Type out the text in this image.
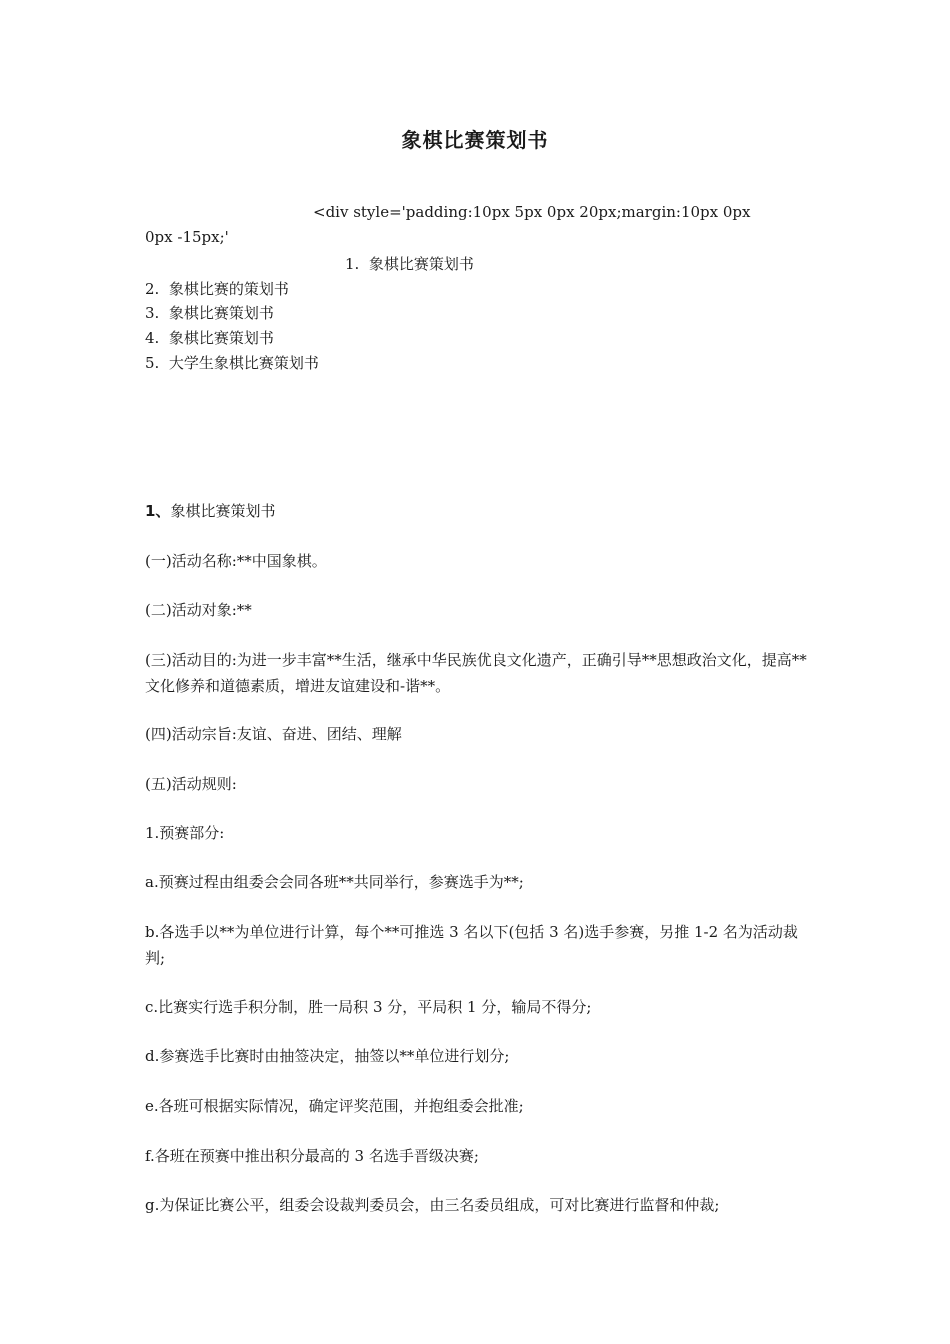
象棋比赛策划书
<div style='padding:10px 5px 0px 20px;margin:10px 0px
0px -15px;'
1.  象棋比赛策划书
2.  象棋比赛的策划书
3.  象棋比赛策划书
4.  象棋比赛策划书
5.  大学生象棋比赛策划书
1、象棋比赛策划书
(一)活动名称:**中国象棋。
(二)活动对象:**
(三)活动目的:为进一步丰富**生活，继承中华民族优良文化遗产，正确引导**思想政治文化，提高**文化修养和道德素质，增进友谊建设和-谐**。
(四)活动宗旨:友谊、奋进、团结、理解
(五)活动规则:
1.预赛部分:
a.预赛过程由组委会会同各班**共同举行，参赛选手为**;
b.各选手以**为单位进行计算，每个**可推选 3 名以下(包括 3 名)选手参赛，另推 1-2 名为活动裁判;
c.比赛实行选手积分制，胜一局积 3 分，平局积 1 分，输局不得分;
d.参赛选手比赛时由抽签决定，抽签以**单位进行划分;
e.各班可根据实际情况，确定评奖范围，并抱组委会批准;
f.各班在预赛中推出积分最高的 3 名选手晋级决赛;
g.为保证比赛公平，组委会设裁判委员会，由三名委员组成，可对比赛进行监督和仲裁;
